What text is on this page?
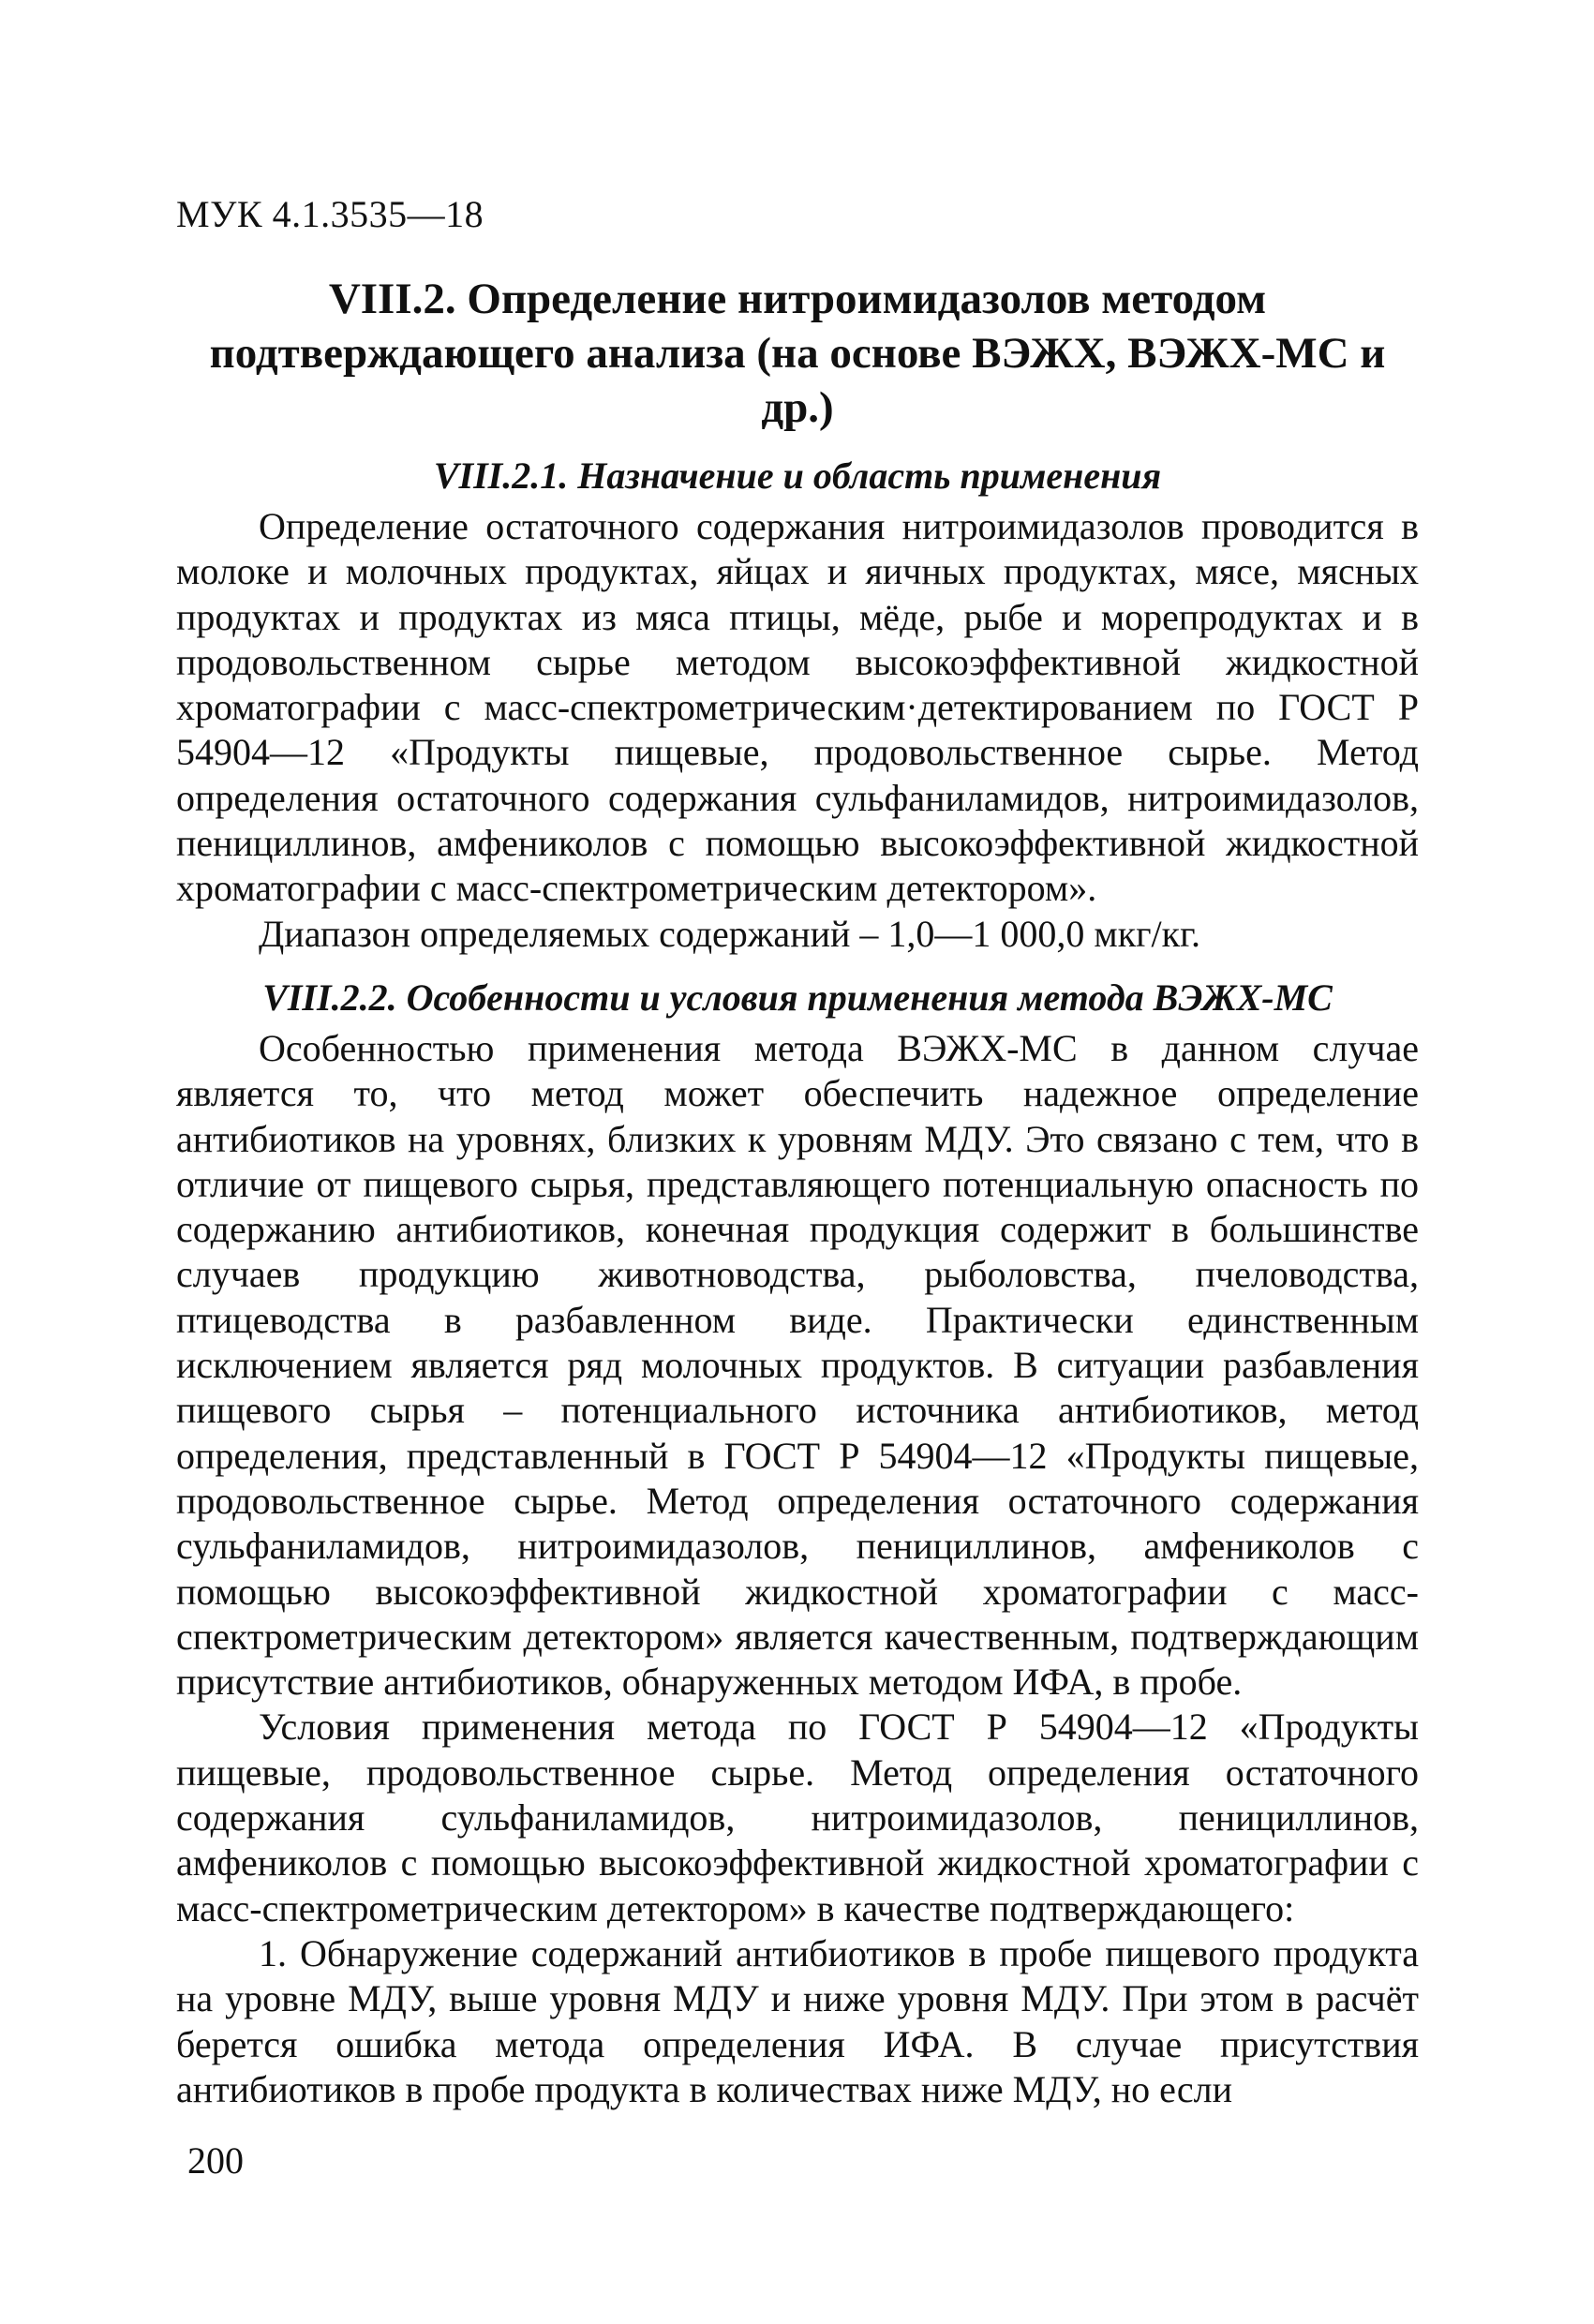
МУК 4.1.3535—18
VIII.2. Определение нитроимидазолов методом
подтверждающего анализа (на основе ВЭЖХ, ВЭЖХ-МС и др.)
VIII.2.1. Назначение и область применения

Определение остаточного содержания нитроимидазолов проводится в молоке и молочных продуктах, яйцах и яичных продуктах, мясе, мясных продуктах и продуктах из мяса птицы, мёде, рыбе и морепродуктах и в продовольственном сырье методом высокоэффективной жидкостной хроматографии с масс-спектрометрическим·детектированием по ГОСТ Р 54904—12 «Продукты пищевые, продовольственное сырье. Метод определения остаточного содержания сульфаниламидов, нитроимидазолов, пенициллинов, амфениколов с помощью высокоэффективной жидкостной хроматографии с масс-спектрометрическим детектором».

Диапазон определяемых содержаний – 1,0—1 000,0 мкг/кг.

VIII.2.2. Особенности и условия применения метода ВЭЖХ-МС

Особенностью применения метода ВЭЖХ-МС в данном случае является то, что метод может обеспечить надежное определение антибиотиков на уровнях, близких к уровням МДУ. Это связано с тем, что в отличие от пищевого сырья, представляющего потенциальную опасность по содержанию антибиотиков, конечная продукция содержит в большинстве случаев продукцию животноводства, рыболовства, пчеловодства, птицеводства в разбавленном виде. Практически единственным исключением является ряд молочных продуктов. В ситуации разбавления пищевого сырья – потенциального источника антибиотиков, метод определения, представленный в ГОСТ Р 54904—12 «Продукты пищевые, продовольственное сырье. Метод определения остаточного содержания сульфаниламидов, нитроимидазолов, пенициллинов, амфениколов с помощью высокоэффективной жидкостной хроматографии с масс-спектрометрическим детектором» является качественным, подтверждающим присутствие антибиотиков, обнаруженных методом ИФА, в пробе.

Условия применения метода по ГОСТ Р 54904—12 «Продукты пищевые, продовольственное сырье. Метод определения остаточного содержания сульфаниламидов, нитроимидазолов, пенициллинов, амфениколов с помощью высокоэффективной жидкостной хроматографии с масс-спектрометрическим детектором» в качестве подтверждающего:

1. Обнаружение содержаний антибиотиков в пробе пищевого продукта на уровне МДУ, выше уровня МДУ и ниже уровня МДУ. При этом в расчёт берется ошибка метода определения ИФА. В случае присутствия антибиотиков в пробе продукта в количествах ниже МДУ, но если

200
